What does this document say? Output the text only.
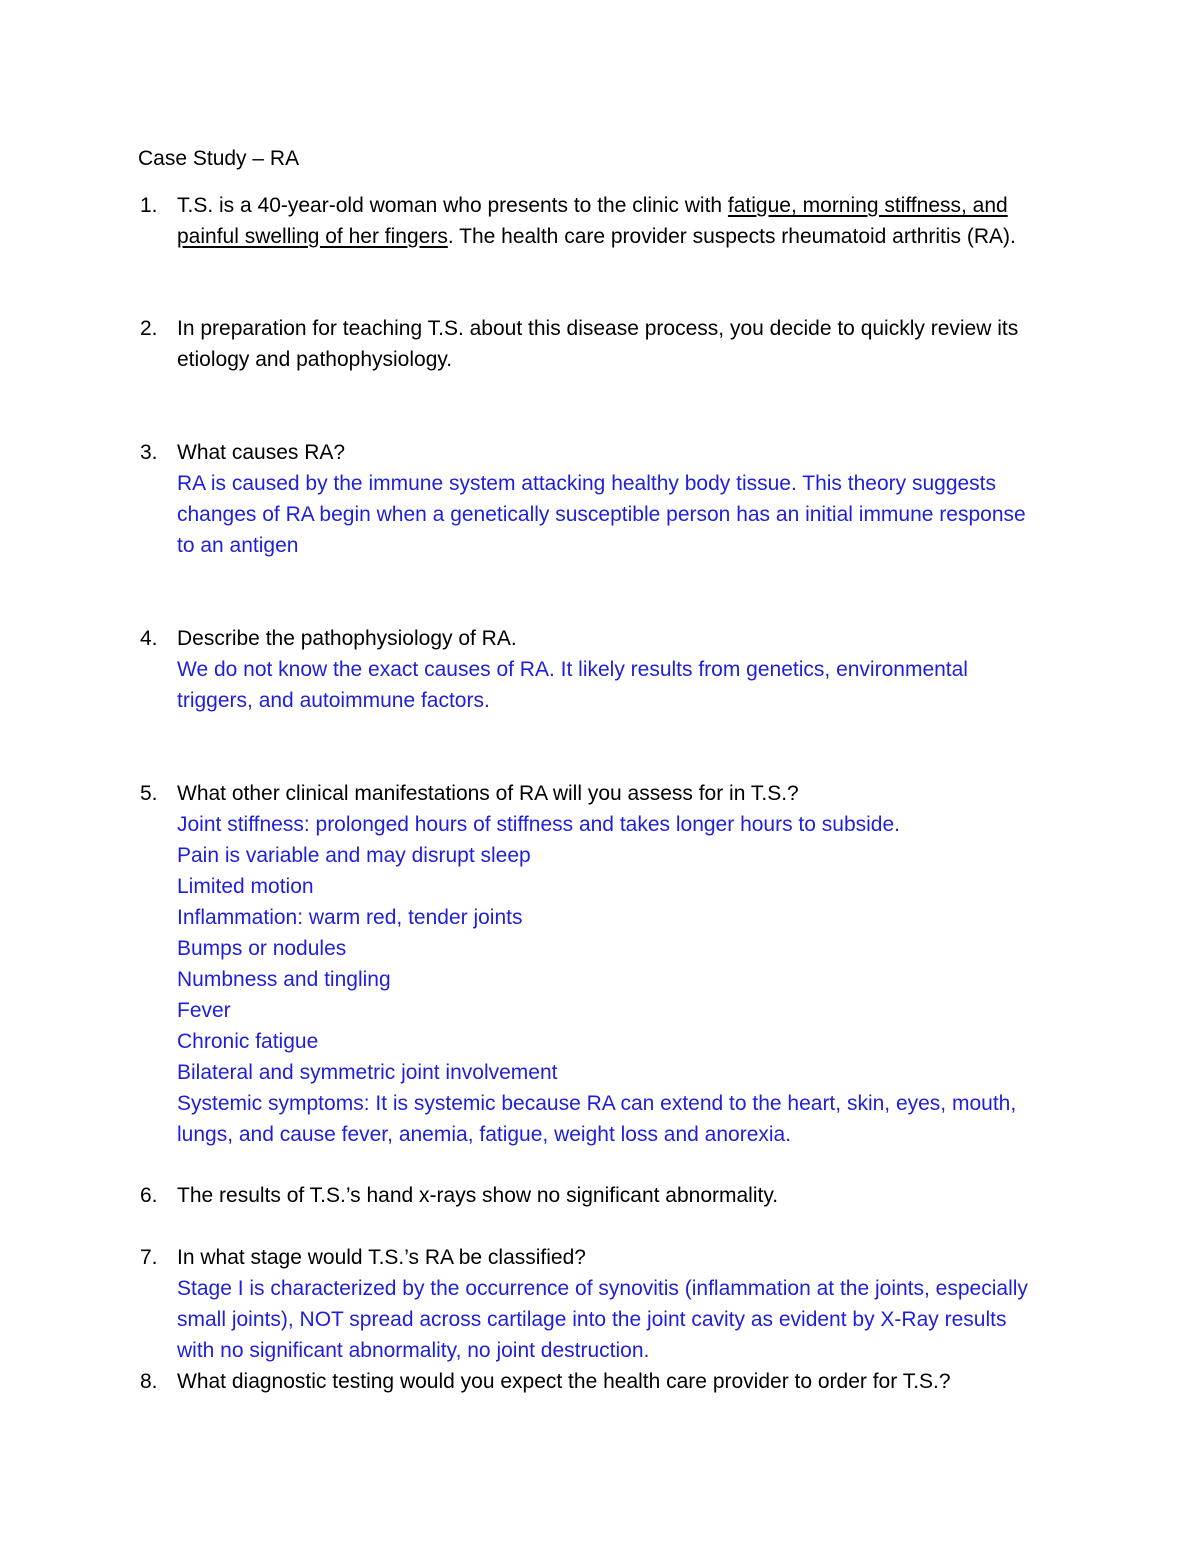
Case Study – RA
1. T.S. is a 40-year-old woman who presents to the clinic with fatigue, morning stiffness, and
painful swelling of her fingers. The health care provider suspects rheumatoid arthritis (RA).
2. In preparation for teaching T.S. about this disease process, you decide to quickly review its
etiology and pathophysiology.
3. What causes RA?
RA is caused by the immune system attacking healthy body tissue. This theory suggests
changes of RA begin when a genetically susceptible person has an initial immune response
to an antigen
4. Describe the pathophysiology of RA.
We do not know the exact causes of RA. It likely results from genetics, environmental
triggers, and autoimmune factors.
5. What other clinical manifestations of RA will you assess for in T.S.?
Joint stiffness: prolonged hours of stiffness and takes longer hours to subside.
Pain is variable and may disrupt sleep
Limited motion
Inflammation: warm red, tender joints
Bumps or nodules
Numbness and tingling
Fever
Chronic fatigue
Bilateral and symmetric joint involvement
Systemic symptoms: It is systemic because RA can extend to the heart, skin, eyes, mouth,
lungs, and cause fever, anemia, fatigue, weight loss and anorexia.
6. The results of T.S.’s hand x-rays show no significant abnormality.
7. In what stage would T.S.’s RA be classified?
Stage I is characterized by the occurrence of synovitis (inflammation at the joints, especially
small joints), NOT spread across cartilage into the joint cavity as evident by X-Ray results
with no significant abnormality, no joint destruction.
8. What diagnostic testing would you expect the health care provider to order for T.S.?
